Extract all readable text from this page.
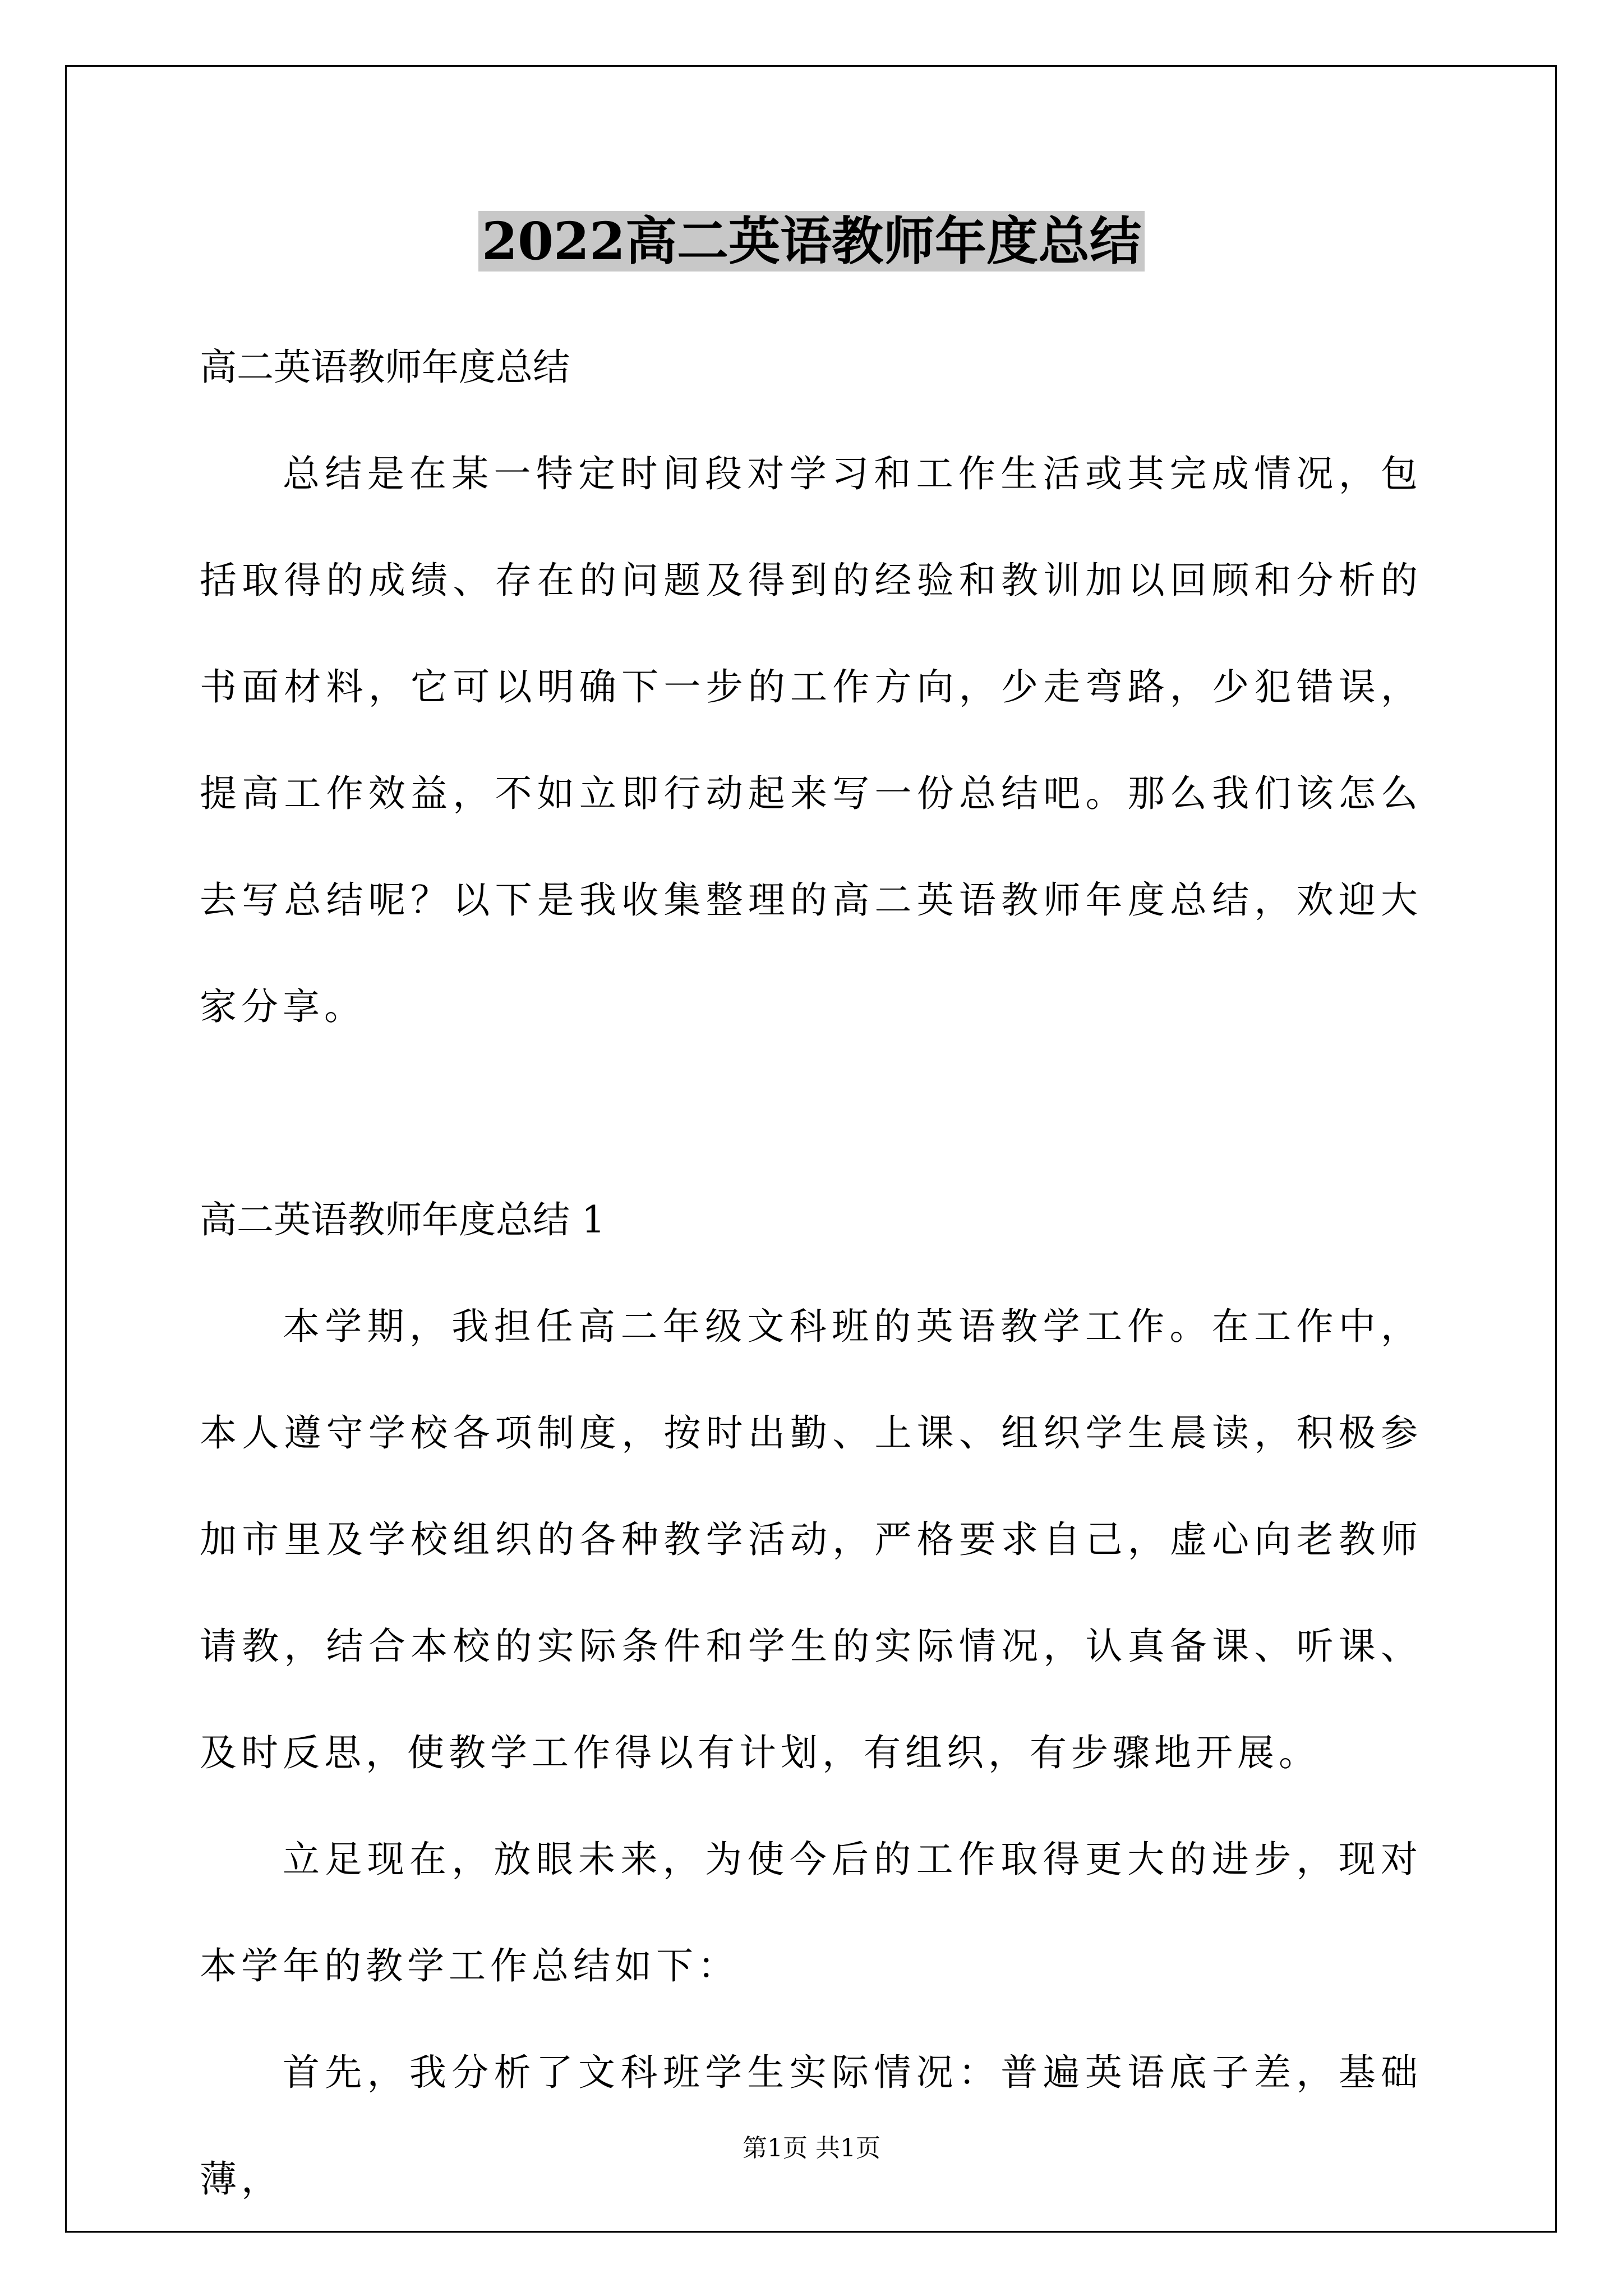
2022高二英语教师年度总结

高二英语教师年度总结

总结是在某一特定时间段对学习和工作生活或其完成情况，包括取得的成绩、存在的问题及得到的经验和教训加以回顾和分析的书面材料，它可以明确下一步的工作方向，少走弯路，少犯错误，提高工作效益，不如立即行动起来写一份总结吧。那么我们该怎么去写总结呢？以下是我收集整理的高二英语教师年度总结，欢迎大家分享。

高二英语教师年度总结 1

本学期，我担任高二年级文科班的英语教学工作。在工作中，本人遵守学校各项制度，按时出勤、上课、组织学生晨读，积极参加市里及学校组织的各种教学活动，严格要求自己，虚心向老教师请教，结合本校的实际条件和学生的实际情况，认真备课、听课、及时反思，使教学工作得以有计划，有组织，有步骤地开展。

立足现在，放眼未来，为使今后的工作取得更大的进步，现对本学年的教学工作总结如下：

首先，我分析了文科班学生实际情况：普遍英语底子差，基础薄，

第1页 共1页
